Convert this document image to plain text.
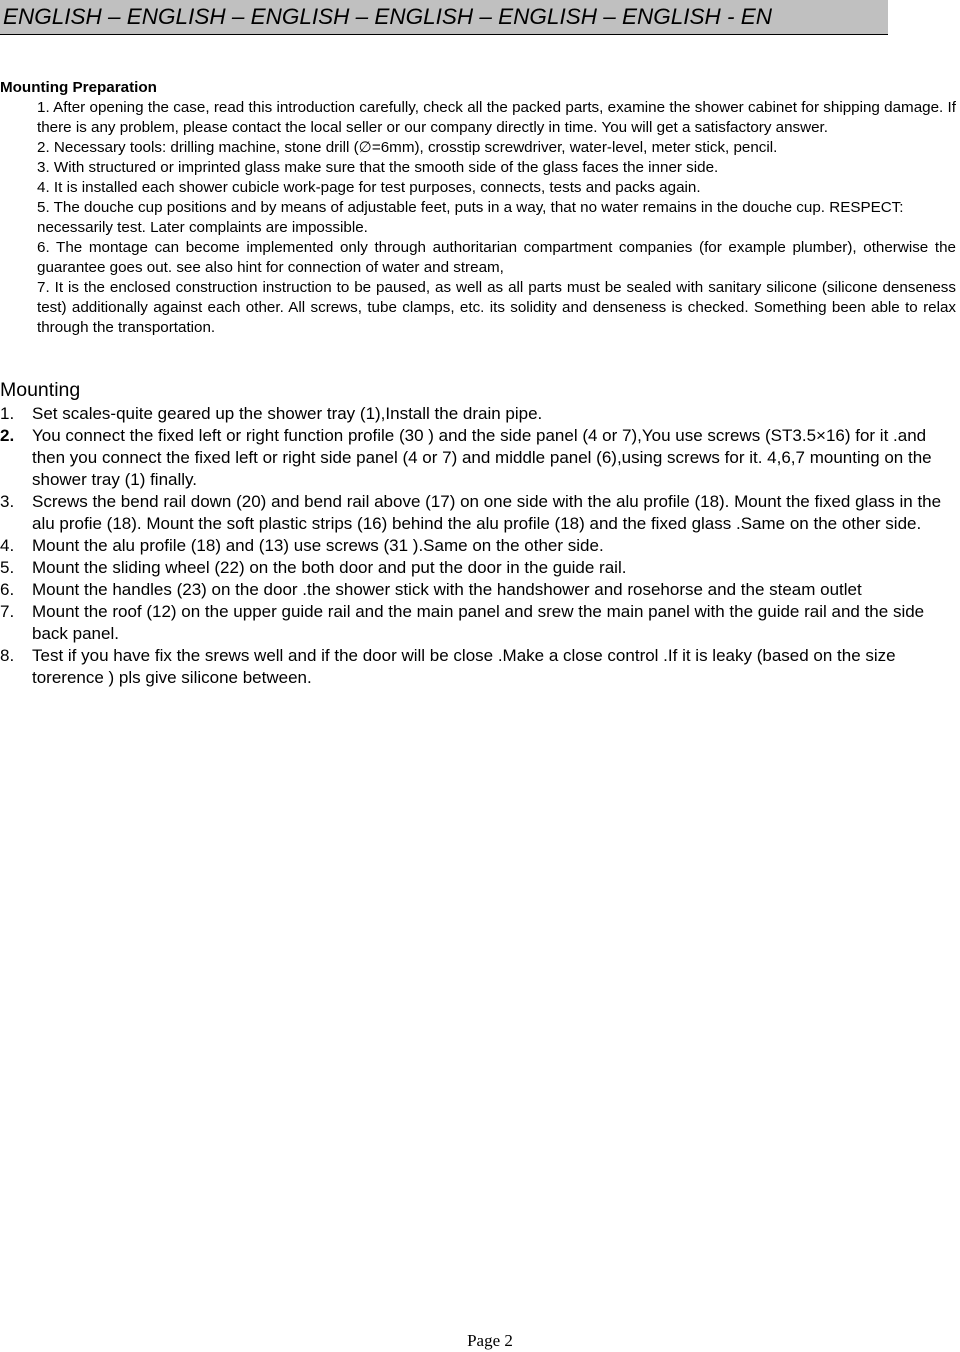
ENGLISH – ENGLISH – ENGLISH – ENGLISH – ENGLISH – ENGLISH - EN
Mounting Preparation

1. After opening the case, read this introduction carefully, check all the packed parts, examine the shower cabinet for shipping damage. If there is any problem, please contact the local seller or our company directly in time. You will get a satisfactory answer.

2. Necessary tools: drilling machine, stone drill (∅=6mm), crosstip screwdriver, water-level, meter stick, pencil.

3. With structured or imprinted glass make sure that the smooth side of the glass faces the inner side.

4. It is installed each shower cubicle work-page for test purposes, connects, tests and packs again.

5. The douche cup positions and by means of adjustable feet, puts in a way, that no water remains in the douche cup. RESPECT: necessarily test. Later complaints are impossible.

6. The montage can become implemented only through authoritarian compartment companies (for example plumber), otherwise the guarantee goes out. see also hint for connection of water and stream,

7. It is the enclosed construction instruction to be paused, as well as all parts must be sealed with sanitary silicone (silicone denseness test) additionally against each other. All screws, tube clamps, etc. its solidity and denseness is checked. Something been able to relax through the transportation.

Mounting
1.	Set scales-quite geared up the shower tray (1),Install the drain pipe.
2.	You connect the fixed left or right function profile (30 ) and the side panel (4 or 7),You use screws (ST3.5×16) for it .and then you connect the fixed left or right side panel (4 or 7) and middle panel (6),using screws for it. 4,6,7 mounting on the shower tray (1) finally.
3.	Screws the bend rail down (20) and bend rail above (17) on one side with the alu profile (18). Mount the fixed glass in the alu profie (18). Mount the soft plastic strips (16) behind the alu profile (18) and the fixed glass .Same on the other side.
4.	Mount the alu profile (18) and (13) use screws (31 ).Same on the other side.
5.	Mount the sliding wheel (22) on the both door and put the door in the guide rail.
6.	Mount the handles (23) on the door .the shower stick with the handshower and rosehorse and the steam outlet
7.	Mount the roof (12) on the upper guide rail and the main panel and srew the main panel with the guide rail and the side back panel.
8.	Test if you have fix the srews well and if the door will be close .Make a close control .If it is leaky (based on the size torerence ) pls give silicone between.
Page 2
